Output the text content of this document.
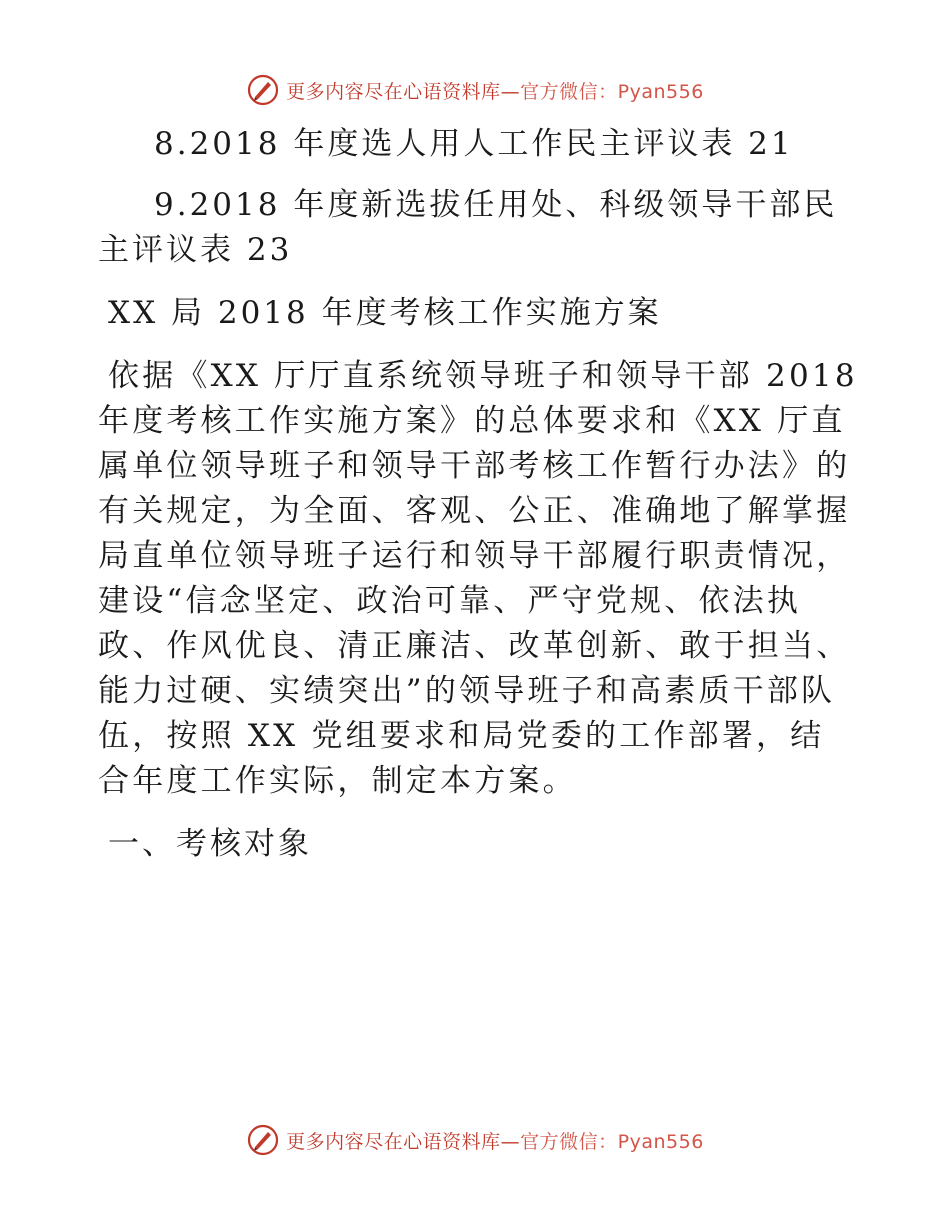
更多内容尽在心语资料库— 官方微信：Pyan556

8.2018 年度选人用人工作民主评议表 21

9.2018 年度新选拔任用处、科级领导干部民主评议表 23

XX 局 2018 年度考核工作实施方案

依据《XX 厅厅直系统领导班子和领导干部 2018 年度考核工作实施方案》的总体要求和《XX 厅直属单位领导班子和领导干部考核工作暂行办法》的有关规定，为全面、客观、公正、准确地了解掌握局直单位领导班子运行和领导干部履行职责情况，建设“信念坚定、政治可靠、严守党规、依法执政、作风优良、清正廉洁、改革创新、敢于担当、能力过硬、实绩突出”的领导班子和高素质干部队伍，按照 XX 党组要求和局党委的工作部署，结合年度工作实际，制定本方案。

一、考核对象

更多内容尽在心语资料库— 官方微信：Pyan556
